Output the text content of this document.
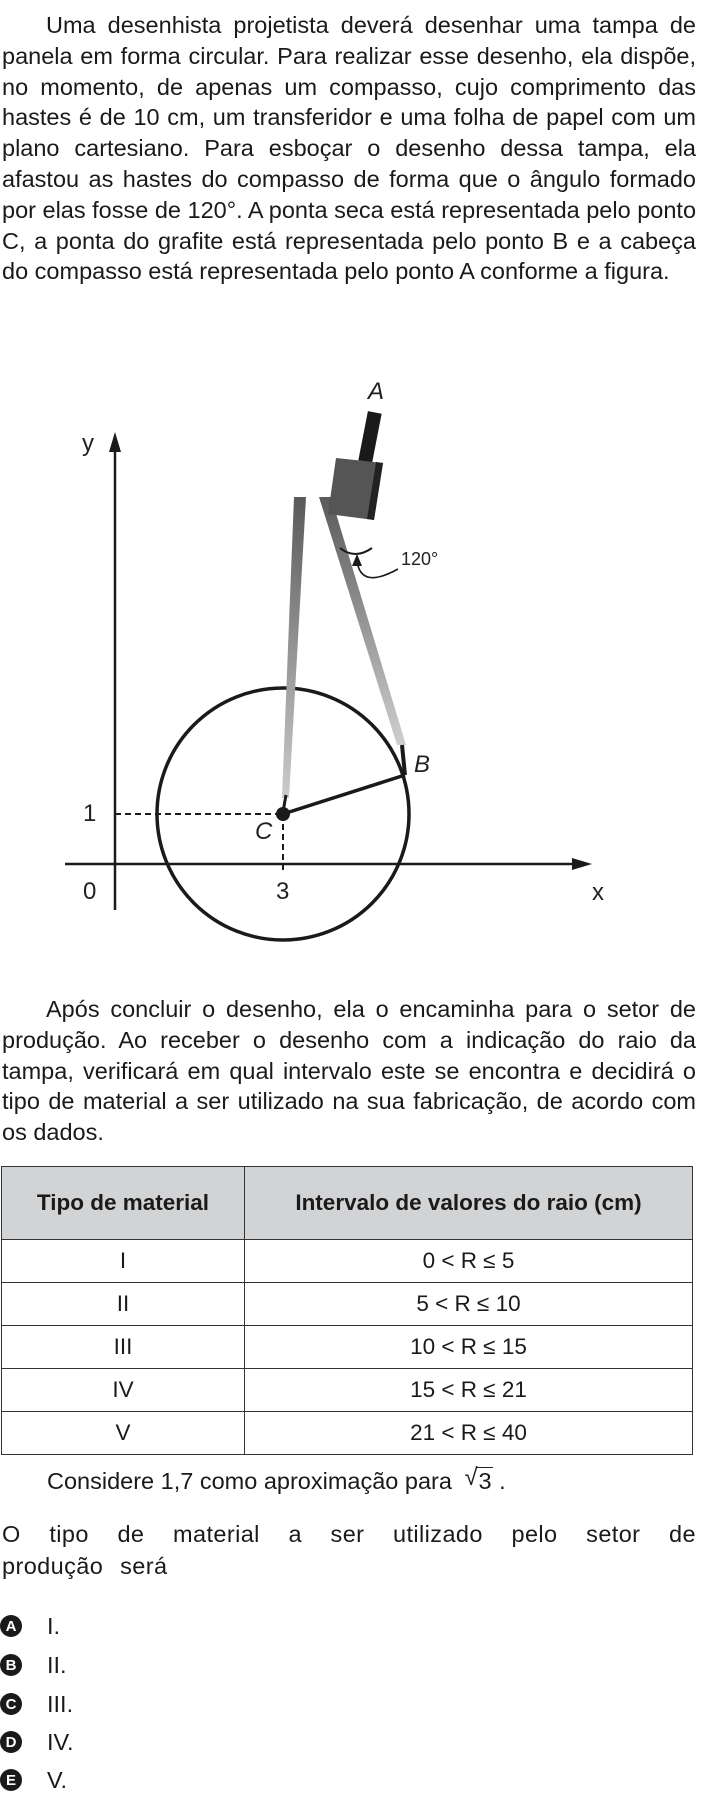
Uma desenhista projetista deverá desenhar uma tampa de panela em forma circular. Para realizar esse desenho, ela dispõe, no momento, de apenas um compasso, cujo comprimento das hastes é de 10 cm, um transferidor e uma folha de papel com um plano cartesiano. Para esboçar o desenho dessa tampa, ela afastou as hastes do compasso de forma que o ângulo formado por elas fosse de 120°. A ponta seca está representada pelo ponto C, a ponta do grafite está representada pelo ponto B e a cabeça do compasso está representada pelo ponto A conforme a figura.
A
y
120°
B
1
C
0	3	x
Após concluir o desenho, ela o encaminha para o setor de produção. Ao receber o desenho com a indicação do raio da tampa, verificará em qual intervalo este se encontra e decidirá o tipo de material a ser utilizado na sua fabricação, de acordo com os dados.
Tipo de material	Intervalo de valores do raio (cm)
I	0 < R ≤ 5
II	5 < R ≤ 10
III	10 < R ≤ 15
IV	15 < R ≤ 21
V	21 < R ≤ 40
Considere 1,7 como aproximação para √ 3 .
O tipo de material a ser utilizado pelo setor de produção será
A I.
B II.
C III.
D IV.
E V.
